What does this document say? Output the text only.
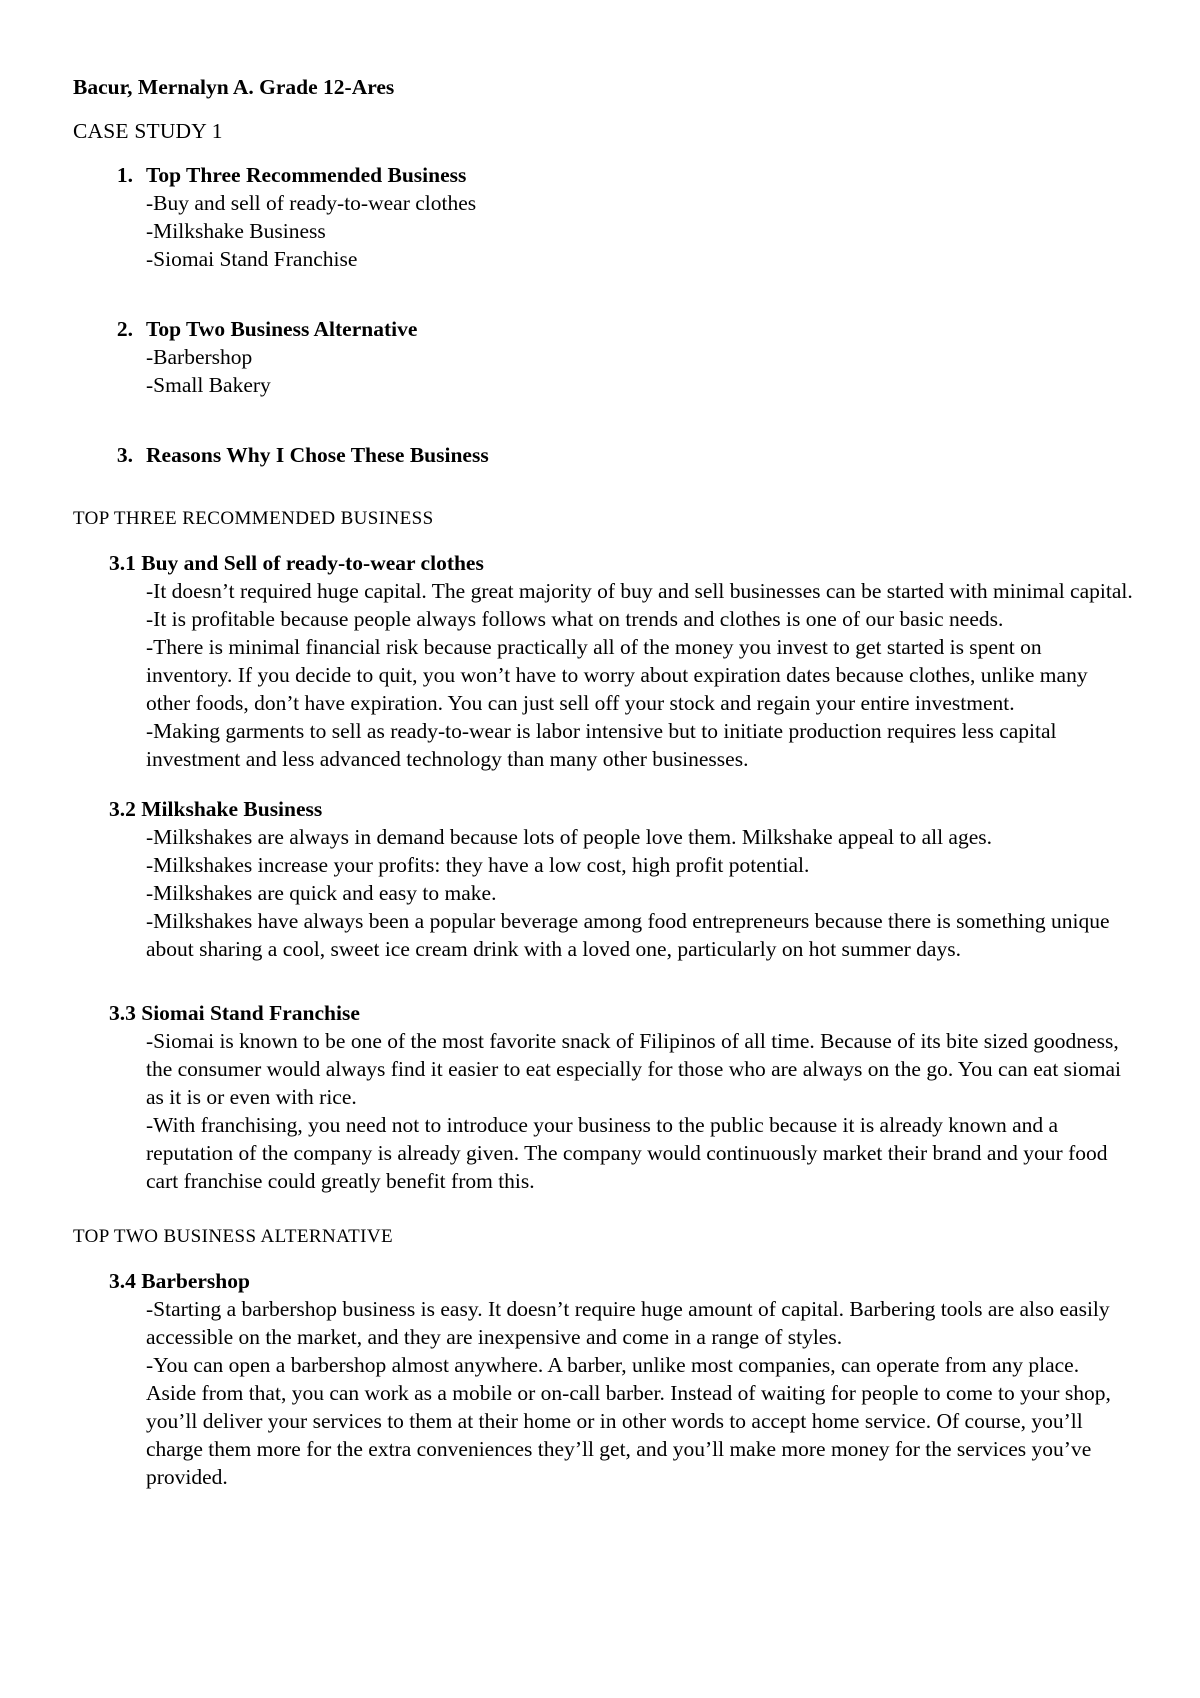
Bacur, Mernalyn A. Grade 12-Ares

CASE STUDY 1

1. Top Three Recommended Business
-Buy and sell of ready-to-wear clothes
-Milkshake Business
-Siomai Stand Franchise
2. Top Two Business Alternative
-Barbershop
-Small Bakery
3. Reasons Why I Chose These Business

TOP THREE RECOMMENDED BUSINESS

3.1 Buy and Sell of ready-to-wear clothes

-It doesn’t required huge capital. The great majority of buy and sell businesses can be started with minimal capital.
-It is profitable because people always follows what on trends and clothes is one of our basic needs.
-There is minimal financial risk because practically all of the money you invest to get started is spent on inventory. If you decide to quit, you won’t have to worry about expiration dates because clothes, unlike many other foods, don’t have expiration. You can just sell off your stock and regain your entire investment.
-Making garments to sell as ready-to-wear is labor intensive but to initiate production requires less capital investment and less advanced technology than many other businesses.

3.2 Milkshake Business

-Milkshakes are always in demand because lots of people love them. Milkshake appeal to all ages.
-Milkshakes increase your profits: they have a low cost, high profit potential.
-Milkshakes are quick and easy to make.
-Milkshakes have always been a popular beverage among food entrepreneurs because there is something unique about sharing a cool, sweet ice cream drink with a loved one, particularly on hot summer days.

3.3 Siomai Stand Franchise

-Siomai is known to be one of the most favorite snack of Filipinos of all time. Because of its bite sized goodness, the consumer would always find it easier to eat especially for those who are always on the go. You can eat siomai as it is or even with rice.
-With franchising, you need not to introduce your business to the public because it is already known and a reputation of the company is already given. The company would continuously market their brand and your food cart franchise could greatly benefit from this.

TOP TWO BUSINESS ALTERNATIVE

3.4 Barbershop

-Starting a barbershop business is easy. It doesn’t require huge amount of capital. Barbering tools are also easily accessible on the market, and they are inexpensive and come in a range of styles.
-You can open a barbershop almost anywhere. A barber, unlike most companies, can operate from any place. Aside from that, you can work as a mobile or on-call barber. Instead of waiting for people to come to your shop, you’ll deliver your services to them at their home or in other words to accept home service. Of course, you’ll charge them more for the extra conveniences they’ll get, and you’ll make more money for the services you’ve provided.
